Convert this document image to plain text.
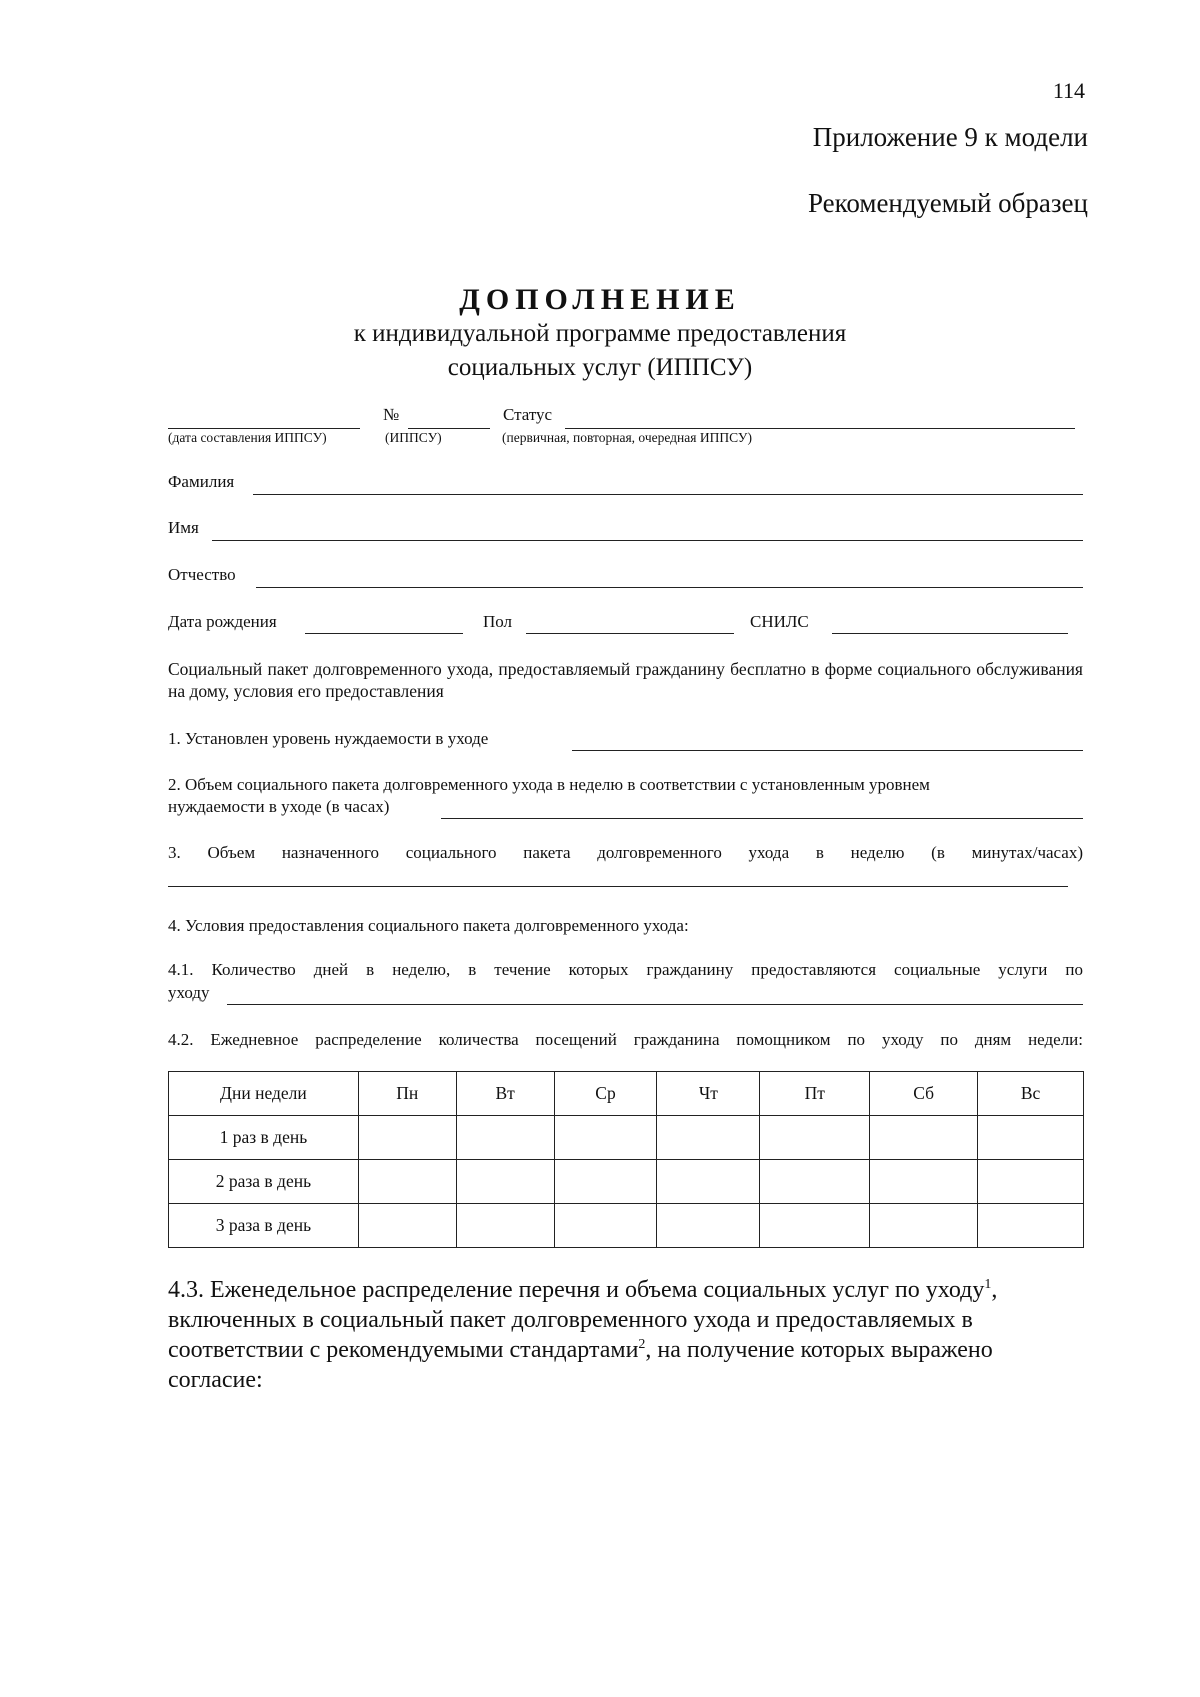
114
Приложение 9 к модели
Рекомендуемый образец
ДОПОЛНЕНИЕ
к индивидуальной программе предоставления
социальных услуг (ИППСУ)
№	Статус
(дата составления ИППСУ)	(ИППСУ)	(первичная, повторная, очередная ИППСУ)
Фамилия
Имя
Отчество
Дата рождения	Пол	СНИЛС
Социальный пакет долговременного ухода, предоставляемый гражданину бесплатно в форме социального обслуживания на дому, условия его предоставления
1. Установлен уровень нуждаемости в уходе
2. Объем социального пакета долговременного ухода в неделю в соответствии с установленным уровнем
нуждаемости в уходе (в часах)
3. Объем назначенного социального пакета долговременного ухода в неделю (в минутах/часах)
4. Условия предоставления социального пакета долговременного ухода:
4.1. Количество дней в неделю, в течение которых гражданину предоставляются социальные услуги по
уходу
4.2. Ежедневное распределение количества посещений гражданина помощником по уходу по дням недели:
Дни недели	Пн	Вт	Ср	Чт	Пт	Сб	Вс
1 раз в день							
2 раза в день							
3 раза в день							
4.3. Еженедельное распределение перечня и объема социальных услуг по уходу$^1$, включенных в социальный пакет долговременного ухода и предоставляемых в соответствии с рекомендуемыми стандартами$^2$, на получение которых выражено согласие:
